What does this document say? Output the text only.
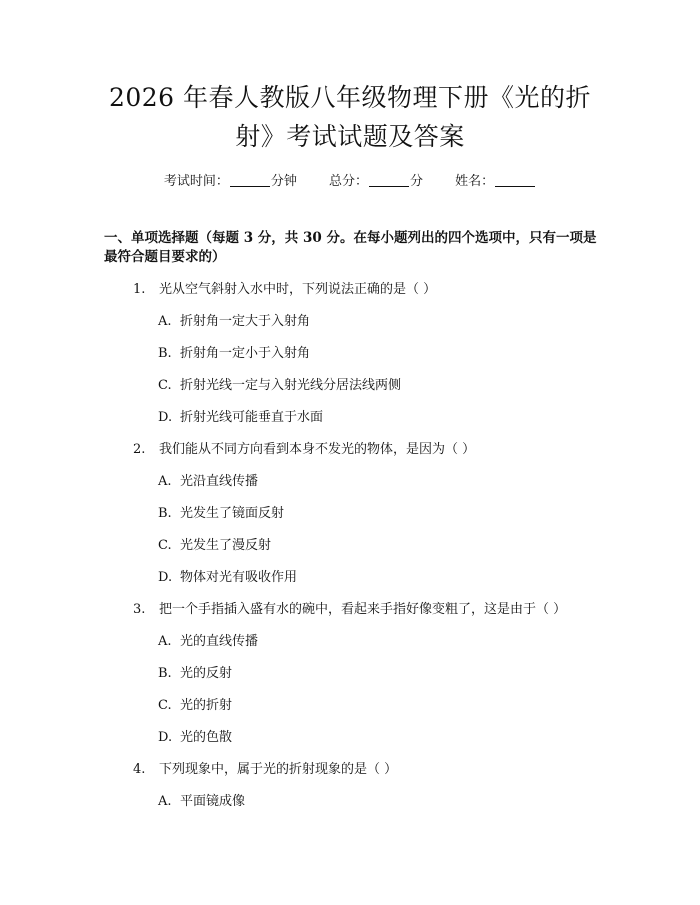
2026 年春人教版八年级物理下册《光的折
射》考试试题及答案
考试时间：	分钟 总分：	分 姓名：
一、单项选择题（每题 3 分，共 30 分。在每小题列出的四个选项中，只有一项是
最符合题目要求的）
1. 光从空气斜射入水中时，下列说法正确的是（ ）
A. 折射角一定大于入射角
B. 折射角一定小于入射角
C. 折射光线一定与入射光线分居法线两侧
D. 折射光线可能垂直于水面
2. 我们能从不同方向看到本身不发光的物体，是因为（ ）
A. 光沿直线传播
B. 光发生了镜面反射
C. 光发生了漫反射
D. 物体对光有吸收作用
3. 把一个手指插入盛有水的碗中，看起来手指好像变粗了，这是由于（ ）
A. 光的直线传播
B. 光的反射
C. 光的折射
D. 光的色散
4. 下列现象中，属于光的折射现象的是（ ）
A. 平面镜成像
